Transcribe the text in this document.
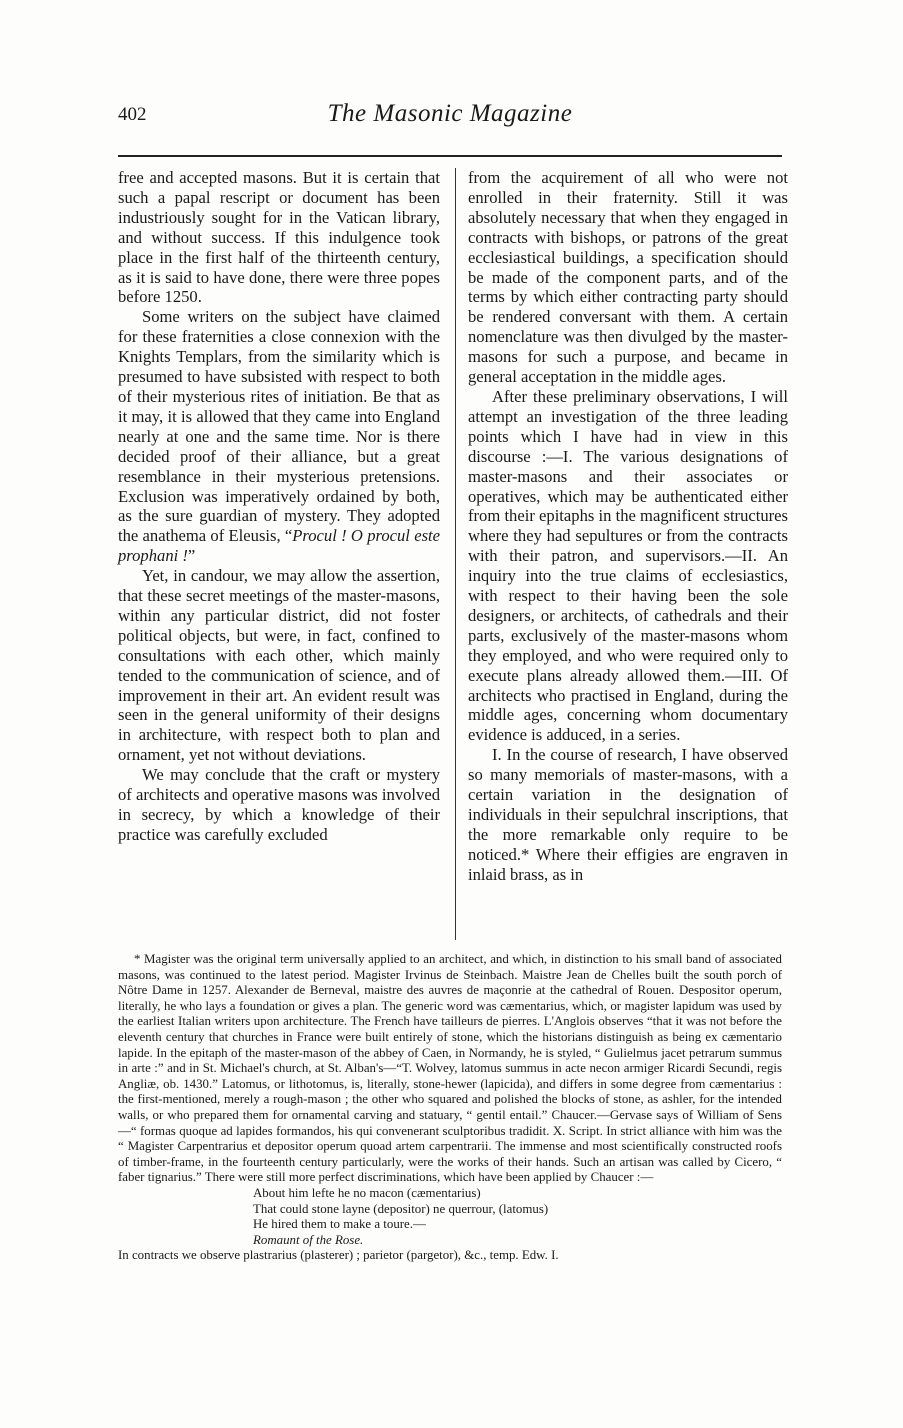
402	The Masonic Magazine

free and accepted masons. But it is certain that such a papal rescript or document has been industriously sought for in the Vatican library, and without success. If this indulgence took place in the first half of the thirteenth century, as it is said to have done, there were three popes before 1250.

Some writers on the subject have claimed for these fraternities a close connexion with the Knights Templars, from the similarity which is presumed to have subsisted with respect to both of their mysterious rites of initiation. Be that as it may, it is allowed that they came into England nearly at one and the same time. Nor is there decided proof of their alliance, but a great resemblance in their mysterious pretensions. Exclusion was imperatively ordained by both, as the sure guardian of mystery. They adopted the anathema of Eleusis, “Procul ! O procul este prophani !”

Yet, in candour, we may allow the assertion, that these secret meetings of the master-masons, within any particular district, did not foster political objects, but were, in fact, confined to consultations with each other, which mainly tended to the communication of science, and of improvement in their art. An evident result was seen in the general uniformity of their designs in architecture, with respect both to plan and ornament, yet not without deviations.

We may conclude that the craft or mystery of architects and operative masons was involved in secrecy, by which a knowledge of their practice was carefully excluded

from the acquirement of all who were not enrolled in their fraternity. Still it was absolutely necessary that when they engaged in contracts with bishops, or patrons of the great ecclesiastical buildings, a specification should be made of the component parts, and of the terms by which either contracting party should be rendered conversant with them. A certain nomenclature was then divulged by the master-masons for such a purpose, and became in general acceptation in the middle ages.

After these preliminary observations, I will attempt an investigation of the three leading points which I have had in view in this discourse :—I. The various designations of master-masons and their associates or operatives, which may be authenticated either from their epitaphs in the magnificent structures where they had sepultures or from the contracts with their patron, and supervisors.—II. An inquiry into the true claims of ecclesiastics, with respect to their having been the sole designers, or architects, of cathedrals and their parts, exclusively of the master-masons whom they employed, and who were required only to execute plans already allowed them.—III. Of architects who practised in England, during the middle ages, concerning whom documentary evidence is adduced, in a series.

I. In the course of research, I have observed so many memorials of master-masons, with a certain variation in the designation of individuals in their sepulchral inscriptions, that the more remarkable only require to be noticed.* Where their effigies are engraven in inlaid brass, as in

* Magister was the original term universally applied to an architect, and which, in distinction to his small band of associated masons, was continued to the latest period. Magister Irvinus de Steinbach. Maistre Jean de Chelles built the south porch of Nôtre Dame in 1257. Alexander de Berneval, maistre des auvres de maçonrie at the cathedral of Rouen. Despositor operum, literally, he who lays a foundation or gives a plan. The generic word was cæmentarius, which, or magister lapidum was used by the earliest Italian writers upon architecture. The French have tailleurs de pierres. L'Anglois observes “that it was not before the eleventh century that churches in France were built entirely of stone, which the historians distinguish as being ex cæmentario lapide. In the epitaph of the master-mason of the abbey of Caen, in Normandy, he is styled, “ Gulielmus jacet petrarum summus in arte :” and in St. Michael's church, at St. Alban's—“T. Wolvey, latomus summus in acte necon armiger Ricardi Secundi, regis Angliæ, ob. 1430.” Latomus, or lithotomus, is, literally, stone-hewer (lapicida), and differs in some degree from cæmentarius : the first-mentioned, merely a rough-mason ; the other who squared and polished the blocks of stone, as ashler, for the intended walls, or who prepared them for ornamental carving and statuary, “ gentil entail.” Chaucer.—Gervase says of William of Sens—“ formas quoque ad lapides formandos, his qui convenerant sculptoribus tradidit. X. Script. In strict alliance with him was the “ Magister Carpentrarius et depositor operum quoad artem carpentrarii. The immense and most scientifically constructed roofs of timber-frame, in the fourteenth century particularly, were the works of their hands. Such an artisan was called by Cicero, “ faber tignarius.” There were still more perfect discriminations, which have been applied by Chaucer :—

About him lefte he no macon (cæmentarius)
That could stone layne (depositor) ne querrour, (latomus)
He hired them to make a toure.—
Romaunt of the Rose.

In contracts we observe plastrarius (plasterer) ; parietor (pargetor), &c., temp. Edw. I.
